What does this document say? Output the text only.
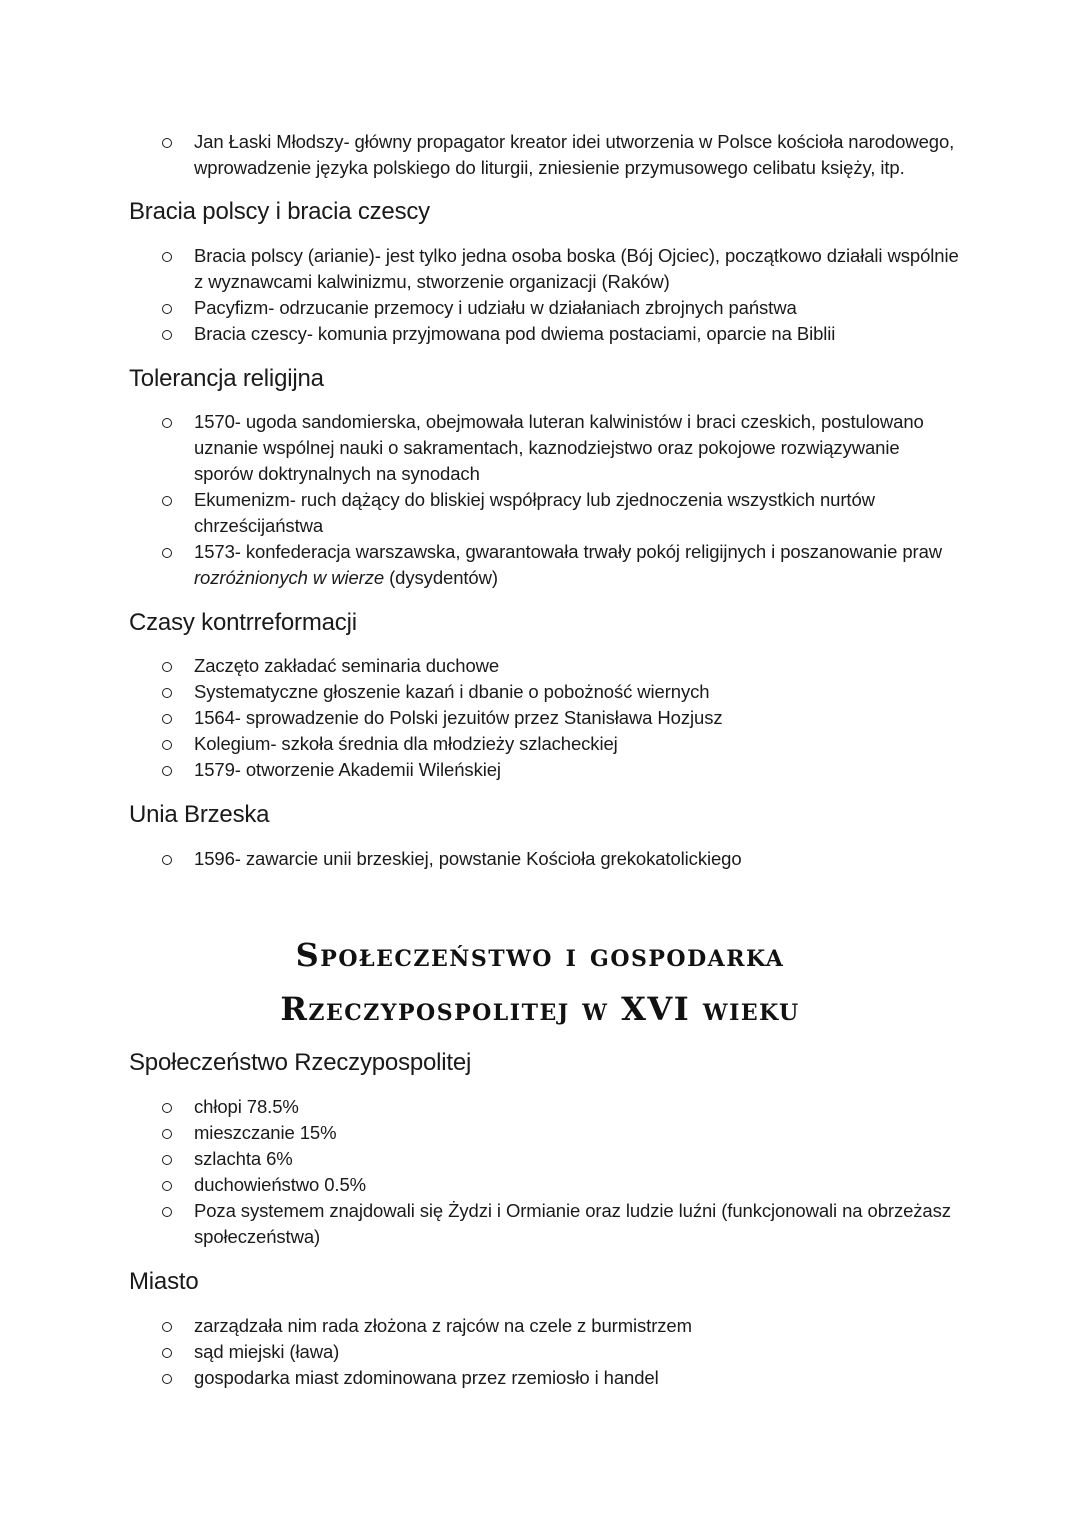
Jan Łaski Młodszy- główny propagator kreator idei utworzenia w Polsce kościoła narodowego, wprowadzenie języka polskiego do liturgii, zniesienie przymusowego celibatu księży, itp.
Bracia polscy i bracia czescy
Bracia polscy (arianie)- jest tylko jedna osoba boska (Bój Ojciec), początkowo działali wspólnie z wyznawcami kalwinizmu, stworzenie organizacji (Raków)
Pacyfizm- odrzucanie przemocy i udziału w działaniach zbrojnych państwa
Bracia czescy- komunia przyjmowana pod dwiema postaciami, oparcie na Biblii
Tolerancja religijna
1570- ugoda sandomierska, obejmowała luteran kalwinistów i braci czeskich, postulowano uznanie wspólnej nauki o sakramentach, kaznodziejstwo oraz pokojowe rozwiązywanie sporów doktrynalnych na synodach
Ekumenizm- ruch dążący do bliskiej współpracy lub zjednoczenia wszystkich nurtów chrześcijaństwa
1573- konfederacja warszawska, gwarantowała trwały pokój religijnych i poszanowanie praw rozróżnionych w wierze (dysydentów)
Czasy kontrreformacji
Zaczęto zakładać seminaria duchowe
Systematyczne głoszenie kazań i dbanie o pobożność wiernych
1564- sprowadzenie do Polski jezuitów przez Stanisława Hozjusz
Kolegium- szkoła średnia dla młodzieży szlacheckiej
1579- otworzenie Akademii Wileńskiej
Unia Brzeska
1596- zawarcie unii brzeskiej, powstanie Kościoła grekokatolickiego
Społeczeństwo i gospodarka
Rzeczypospolitej w XVI wieku
Społeczeństwo Rzeczypospolitej
chłopi 78.5%
mieszczanie 15%
szlachta 6%
duchowieństwo 0.5%
Poza systemem znajdowali się Żydzi i Ormianie oraz ludzie luźni (funkcjonowali na obrzeżasz społeczeństwa)
Miasto
zarządzała nim rada złożona z rajców na czele z burmistrzem
sąd miejski (ława)
gospodarka miast zdominowana przez rzemiosło i handel
